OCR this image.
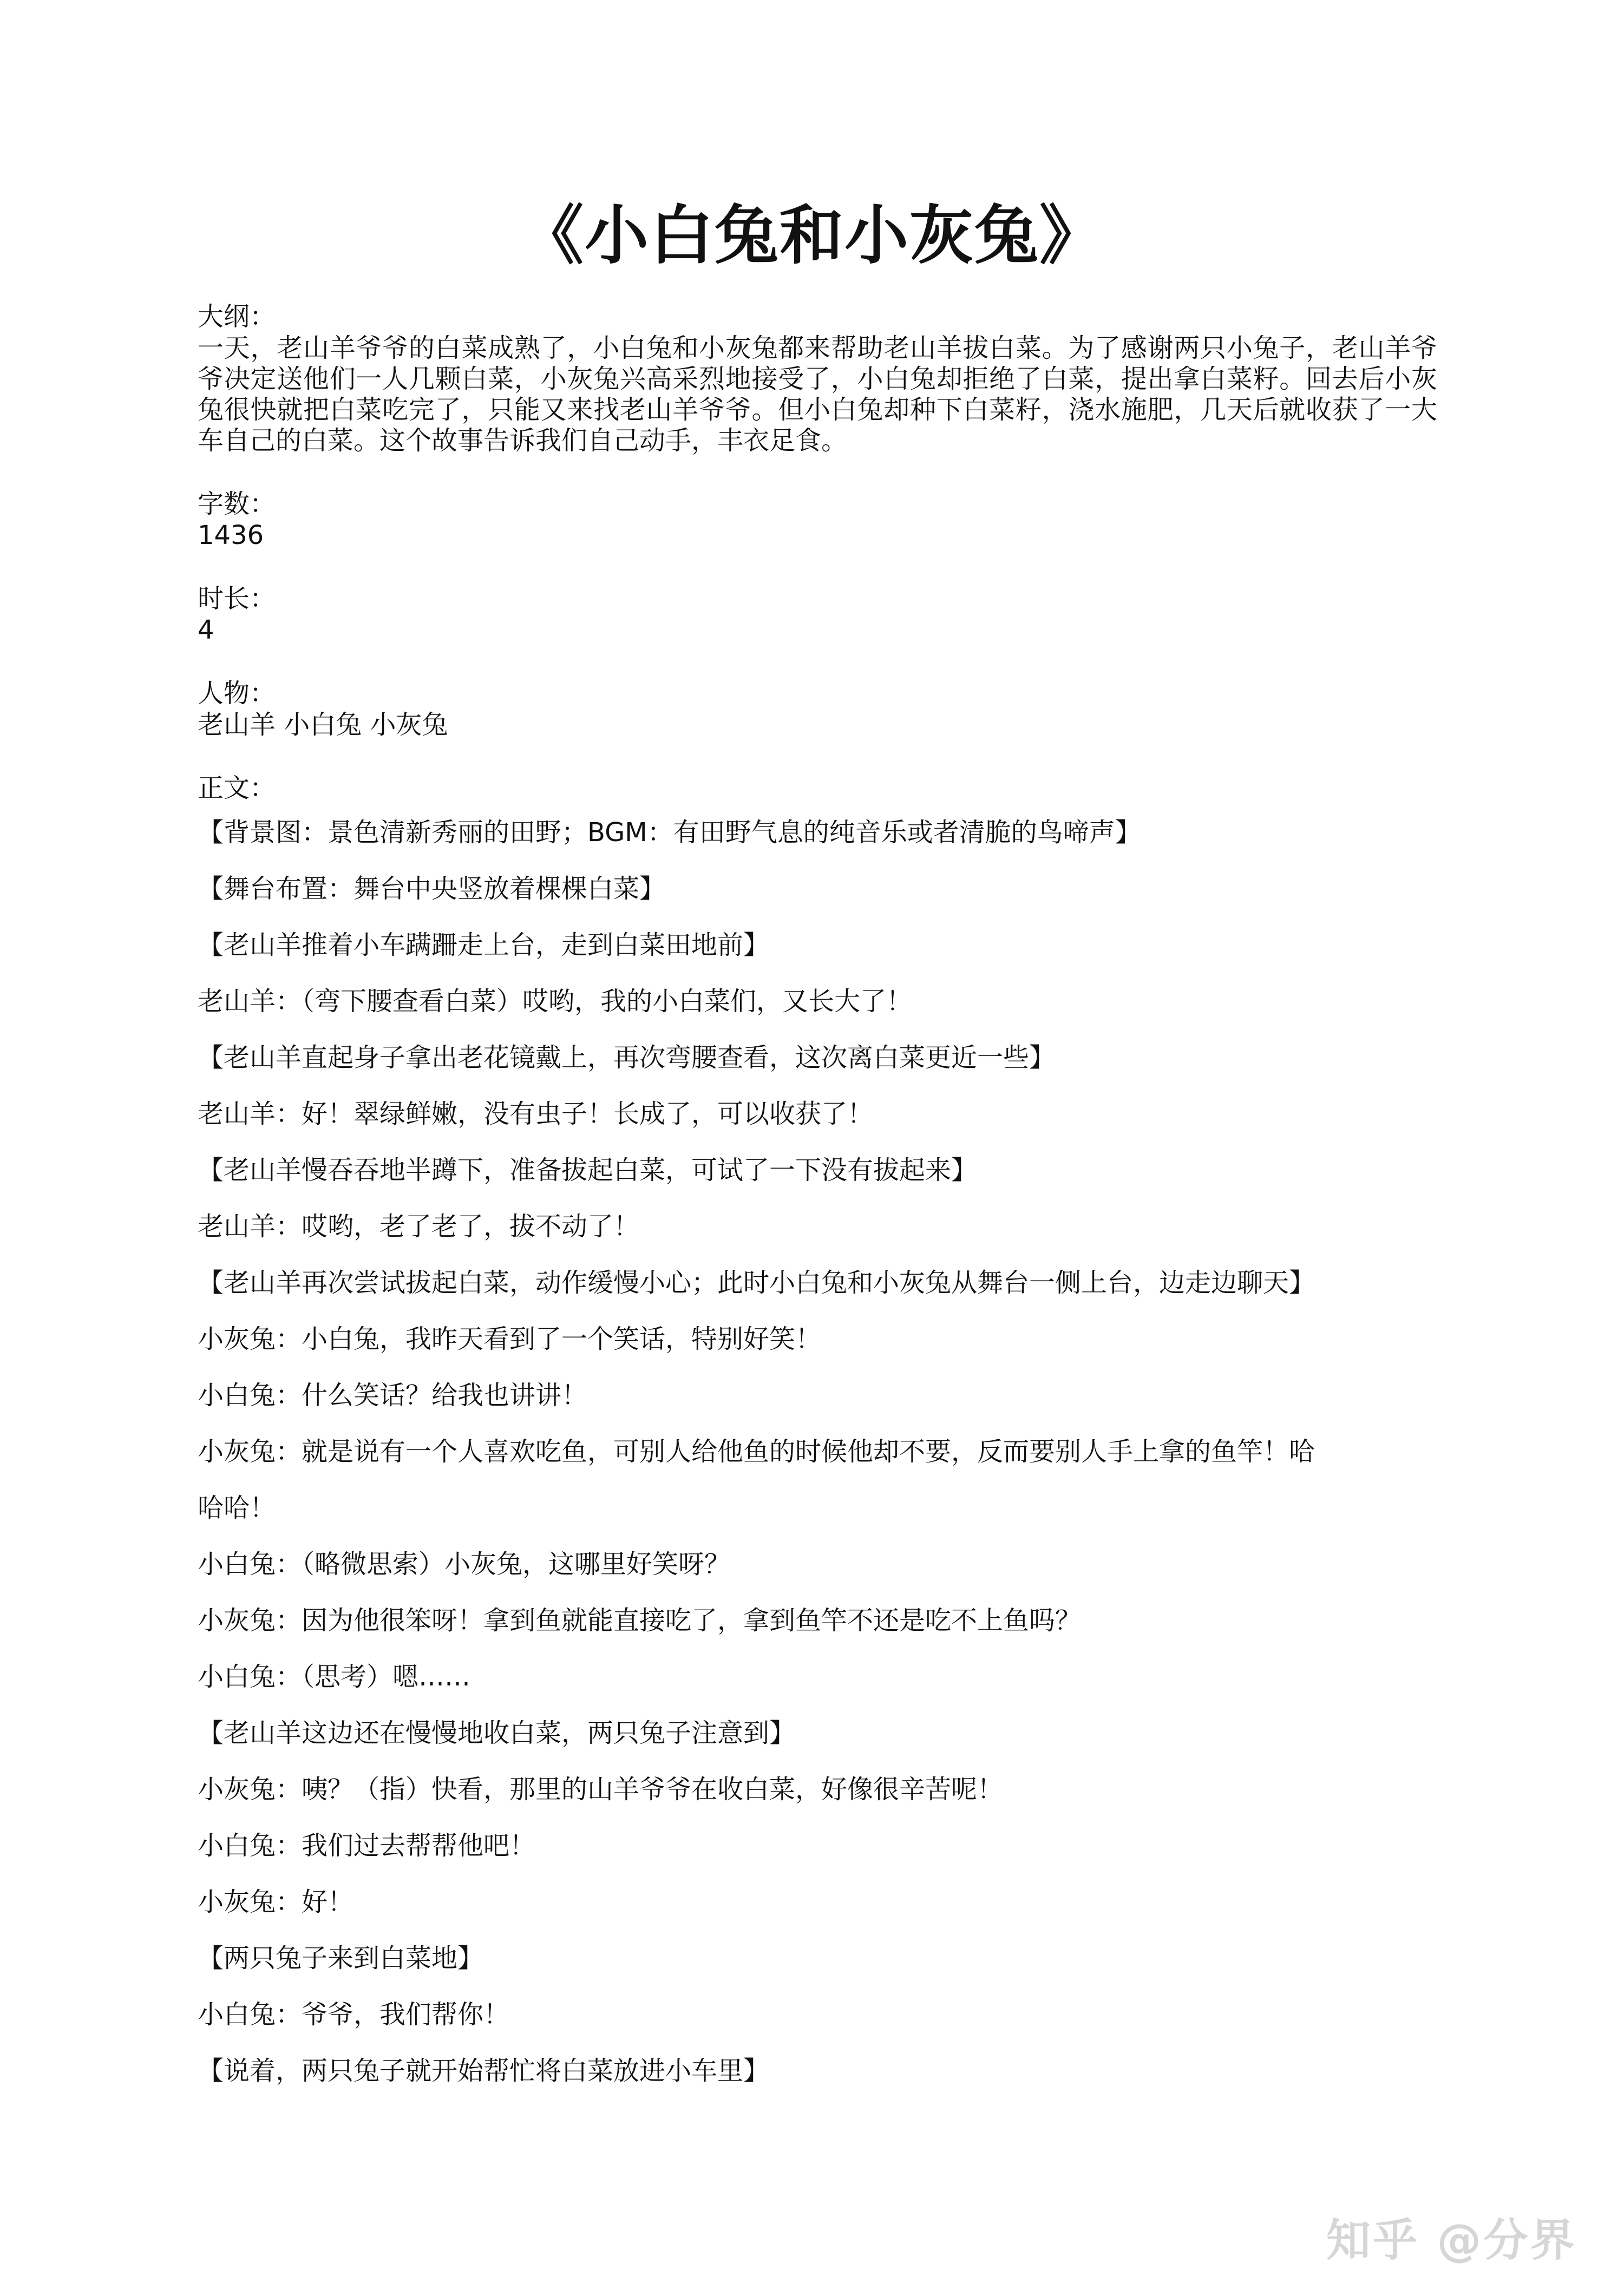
《小白兔和小灰兔》
大纲：
一天，老山羊爷爷的白菜成熟了，小白兔和小灰兔都来帮助老山羊拔白菜。为了感谢两只小兔子，老山羊爷爷决定送他们一人几颗白菜，小灰兔兴高采烈地接受了，小白兔却拒绝了白菜，提出拿白菜籽。回去后小灰兔很快就把白菜吃完了，只能又来找老山羊爷爷。但小白兔却种下白菜籽，浇水施肥，几天后就收获了一大车自己的白菜。这个故事告诉我们自己动手，丰衣足食。
字数：
1436
时长：
4
人物：
老山羊 小白兔 小灰兔
正文：
【背景图：景色清新秀丽的田野；BGM：有田野气息的纯音乐或者清脆的鸟啼声】
【舞台布置：舞台中央竖放着棵棵白菜】
【老山羊推着小车蹒跚走上台，走到白菜田地前】
老山羊：（弯下腰查看白菜）哎哟，我的小白菜们，又长大了！
【老山羊直起身子拿出老花镜戴上，再次弯腰查看，这次离白菜更近一些】
老山羊：好！翠绿鲜嫩，没有虫子！长成了，可以收获了！
【老山羊慢吞吞地半蹲下，准备拔起白菜，可试了一下没有拔起来】
老山羊：哎哟，老了老了，拔不动了！
【老山羊再次尝试拔起白菜，动作缓慢小心；此时小白兔和小灰兔从舞台一侧上台，边走边聊天】
小灰兔：小白兔，我昨天看到了一个笑话，特别好笑！
小白兔：什么笑话？给我也讲讲！
小灰兔：就是说有一个人喜欢吃鱼，可别人给他鱼的时候他却不要，反而要别人手上拿的鱼竿！哈
哈哈！
小白兔：（略微思索）小灰兔，这哪里好笑呀？
小灰兔：因为他很笨呀！拿到鱼就能直接吃了，拿到鱼竿不还是吃不上鱼吗？
小白兔：（思考）嗯……
【老山羊这边还在慢慢地收白菜，两只兔子注意到】
小灰兔：咦？（指）快看，那里的山羊爷爷在收白菜，好像很辛苦呢！
小白兔：我们过去帮帮他吧！
小灰兔：好！
【两只兔子来到白菜地】
小白兔：爷爷，我们帮你！
【说着，两只兔子就开始帮忙将白菜放进小车里】
知乎 @分界
